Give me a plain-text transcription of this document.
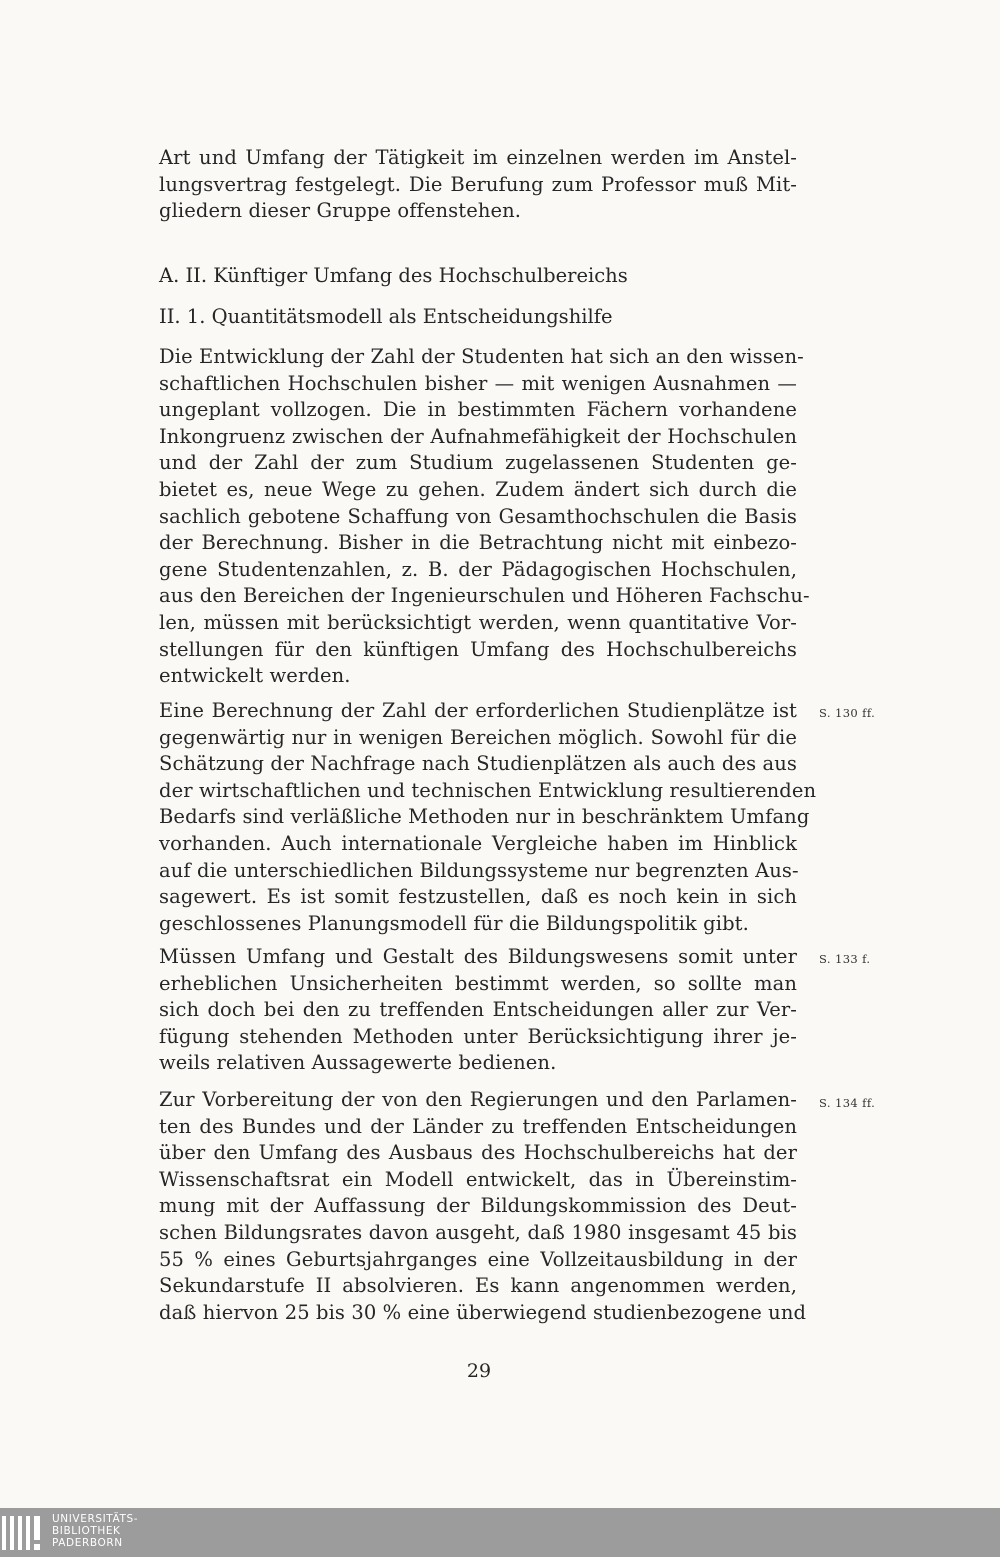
Art und Umfang der Tätigkeit im einzelnen werden im Anstel-
lungsvertrag festgelegt. Die Berufung zum Professor muß Mit-
gliedern dieser Gruppe offenstehen.
A. II. Künftiger Umfang des Hochschulbereichs
II. 1. Quantitätsmodell als Entscheidungshilfe
Die Entwicklung der Zahl der Studenten hat sich an den wissen-
schaftlichen Hochschulen bisher — mit wenigen Ausnahmen —
ungeplant vollzogen. Die in bestimmten Fächern vorhandene
Inkongruenz zwischen der Aufnahmefähigkeit der Hochschulen
und der Zahl der zum Studium zugelassenen Studenten ge-
bietet es, neue Wege zu gehen. Zudem ändert sich durch die
sachlich gebotene Schaffung von Gesamthochschulen die Basis
der Berechnung. Bisher in die Betrachtung nicht mit einbezo-
gene Studentenzahlen, z. B. der Pädagogischen Hochschulen,
aus den Bereichen der Ingenieurschulen und Höheren Fachschu-
len, müssen mit berücksichtigt werden, wenn quantitative Vor-
stellungen für den künftigen Umfang des Hochschulbereichs
entwickelt werden.
Eine Berechnung der Zahl der erforderlichen Studienplätze ist
gegenwärtig nur in wenigen Bereichen möglich. Sowohl für die
Schätzung der Nachfrage nach Studienplätzen als auch des aus
der wirtschaftlichen und technischen Entwicklung resultierenden
Bedarfs sind verläßliche Methoden nur in beschränktem Umfang
vorhanden. Auch internationale Vergleiche haben im Hinblick
auf die unterschiedlichen Bildungssysteme nur begrenzten Aus-
sagewert. Es ist somit festzustellen, daß es noch kein in sich
geschlossenes Planungsmodell für die Bildungspolitik gibt.
S. 130 ff.
Müssen Umfang und Gestalt des Bildungswesens somit unter
erheblichen Unsicherheiten bestimmt werden, so sollte man
sich doch bei den zu treffenden Entscheidungen aller zur Ver-
fügung stehenden Methoden unter Berücksichtigung ihrer je-
weils relativen Aussagewerte bedienen.
S. 133 f.
Zur Vorbereitung der von den Regierungen und den Parlamen-
ten des Bundes und der Länder zu treffenden Entscheidungen
über den Umfang des Ausbaus des Hochschulbereichs hat der
Wissenschaftsrat ein Modell entwickelt, das in Übereinstim-
mung mit der Auffassung der Bildungskommission des Deut-
schen Bildungsrates davon ausgeht, daß 1980 insgesamt 45 bis
55 % eines Geburtsjahrganges eine Vollzeitausbildung in der
Sekundarstufe II absolvieren. Es kann angenommen werden,
daß hiervon 25 bis 30 % eine überwiegend studienbezogene und
S. 134 ff.
29
UNIVERSITÄTS-
BIBLIOTHEK
PADERBORN
